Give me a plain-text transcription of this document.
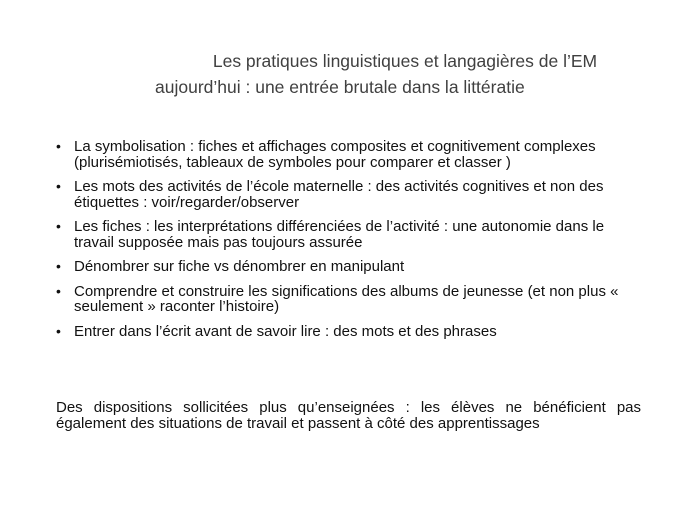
Les pratiques linguistiques et langagières de l’EM
aujourd’hui : une entrée brutale dans la littératie
• La symbolisation : fiches et affichages composites et cognitivement complexes (plurisémiotisés, tableaux de symboles pour comparer et classer )
• Les mots des activités de l’école maternelle : des activités cognitives et non des étiquettes : voir/regarder/observer
• Les fiches : les interprétations différenciées de l’activité : une autonomie dans le travail supposée mais pas toujours assurée
• Dénombrer sur fiche vs dénombrer en manipulant
• Comprendre et construire les significations des albums de jeunesse (et non plus « seulement » raconter l’histoire)
• Entrer dans l’écrit avant de savoir lire : des mots et des phrases

Des dispositions sollicitées plus qu’enseignées : les élèves ne bénéficient pas également des situations de travail et passent à côté des apprentissages
